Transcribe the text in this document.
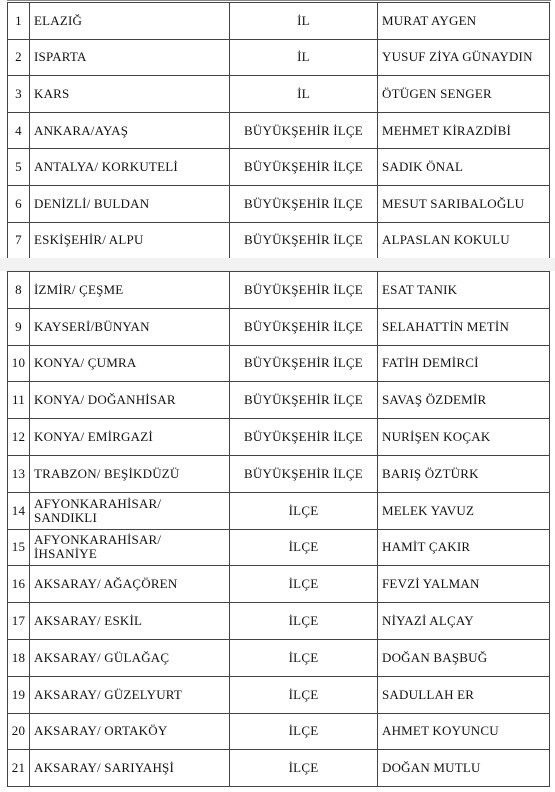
1	ELAZIĞ	İL	MURAT AYGEN
2	ISPARTA	İL	YUSUF ZİYA GÜNAYDIN
3	KARS	İL	ÖTÜGEN SENGER
4	ANKARA/AYAŞ	BÜYÜKŞEHİR İLÇE	MEHMET KİRAZDİBİ
5	ANTALYA/ KORKUTELİ	BÜYÜKŞEHİR İLÇE	SADIK ÖNAL
6	DENİZLİ/ BULDAN	BÜYÜKŞEHİR İLÇE	MESUT SARIBALOĞLU
7	ESKİŞEHİR/ ALPU	BÜYÜKŞEHİR İLÇE	ALPASLAN KOKULU
8	İZMİR/ ÇEŞME	BÜYÜKŞEHİR İLÇE	ESAT TANIK
9	KAYSERİ/BÜNYAN	BÜYÜKŞEHİR İLÇE	SELAHATTİN METİN
10	KONYA/ ÇUMRA	BÜYÜKŞEHİR İLÇE	FATİH DEMİRCİ
11	KONYA/ DOĞANHİSAR	BÜYÜKŞEHİR İLÇE	SAVAŞ ÖZDEMİR
12	KONYA/ EMİRGAZİ	BÜYÜKŞEHİR İLÇE	NURİŞEN KOÇAK
13	TRABZON/ BEŞİKDÜZÜ	BÜYÜKŞEHİR İLÇE	BARIŞ ÖZTÜRK
14	AFYONKARAHİSAR/ SANDIKLI	İLÇE	MELEK YAVUZ
15	AFYONKARAHİSAR/ İHSANİYE	İLÇE	HAMİT ÇAKIR
16	AKSARAY/ AĞAÇÖREN	İLÇE	FEVZİ YALMAN
17	AKSARAY/ ESKİL	İLÇE	NİYAZİ ALÇAY
18	AKSARAY/ GÜLAĞAÇ	İLÇE	DOĞAN BAŞBUĞ
19	AKSARAY/ GÜZELYURT	İLÇE	SADULLAH ER
20	AKSARAY/ ORTAKÖY	İLÇE	AHMET KOYUNCU
21	AKSARAY/ SARIYAHŞİ	İLÇE	DOĞAN MUTLU
